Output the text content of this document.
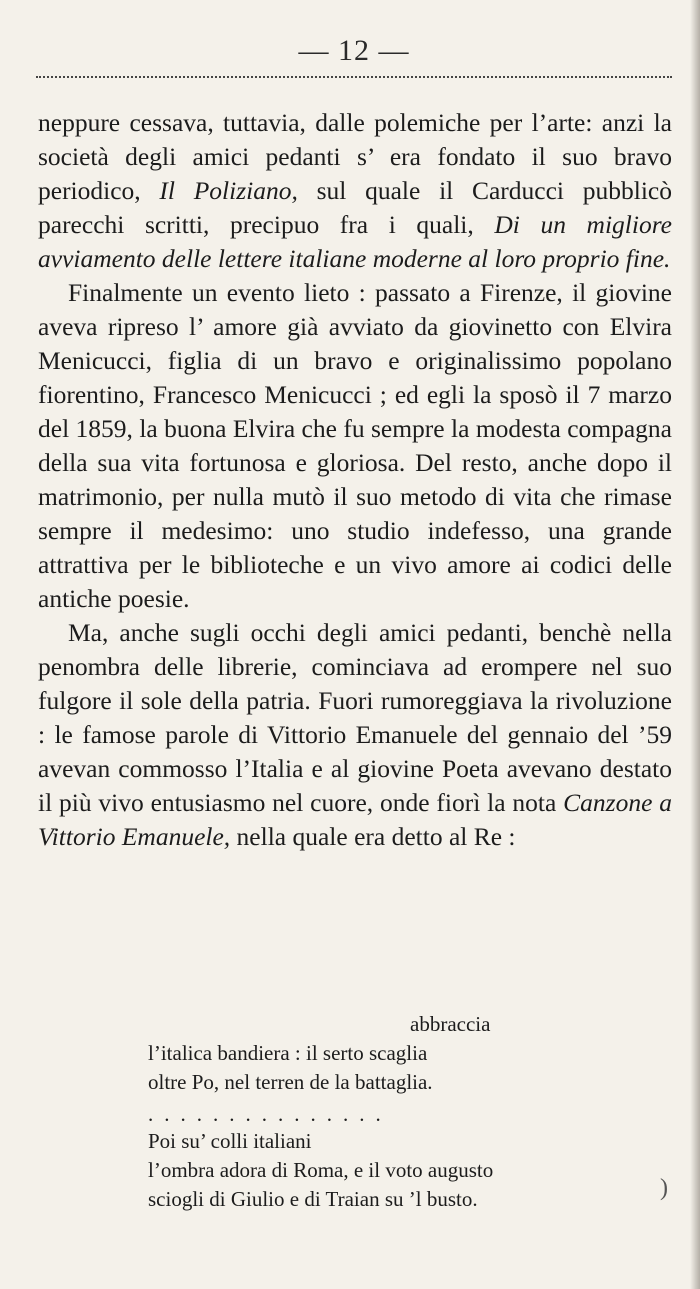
— 12 —

neppure cessava, tuttavia, dalle polemiche per l’arte: anzi la società degli amici pedanti s’ era fondato il suo bravo periodico, Il Poliziano, sul quale il Carducci pubblicò parecchi scritti, precipuo fra i quali, Di un migliore avviamento delle lettere italiane moderne al loro proprio fine.

Finalmente un evento lieto : passato a Firenze, il giovine aveva ripreso l’ amore già avviato da giovinetto con Elvira Menicucci, figlia di un bravo e originalissimo popolano fiorentino, Francesco Menicucci ; ed egli la sposò il 7 marzo del 1859, la buona Elvira che fu sempre la modesta compagna della sua vita fortunosa e gloriosa. Del resto, anche dopo il matrimonio, per nulla mutò il suo metodo di vita che rimase sempre il medesimo: uno studio indefesso, una grande attrattiva per le biblioteche e un vivo amore ai codici delle antiche poesie.

Ma, anche sugli occhi degli amici pedanti, benchè nella penombra delle librerie, cominciava ad erompere nel suo fulgore il sole della patria. Fuori rumoreggiava la rivoluzione : le famose parole di Vittorio Emanuele del gennaio del ’59 avevan commosso l’Italia e al giovine Poeta avevano destato il più vivo entusiasmo nel cuore, onde fiorì la nota Canzone a Vittorio Emanuele, nella quale era detto al Re :

abbraccia
l’italica bandiera : il serto scaglia
oltre Po, nel terren de la battaglia.
...............
Poi su’ colli italiani
l’ombra adora di Roma, e il voto augusto
sciogli di Giulio e di Traian su ’l busto.	)
